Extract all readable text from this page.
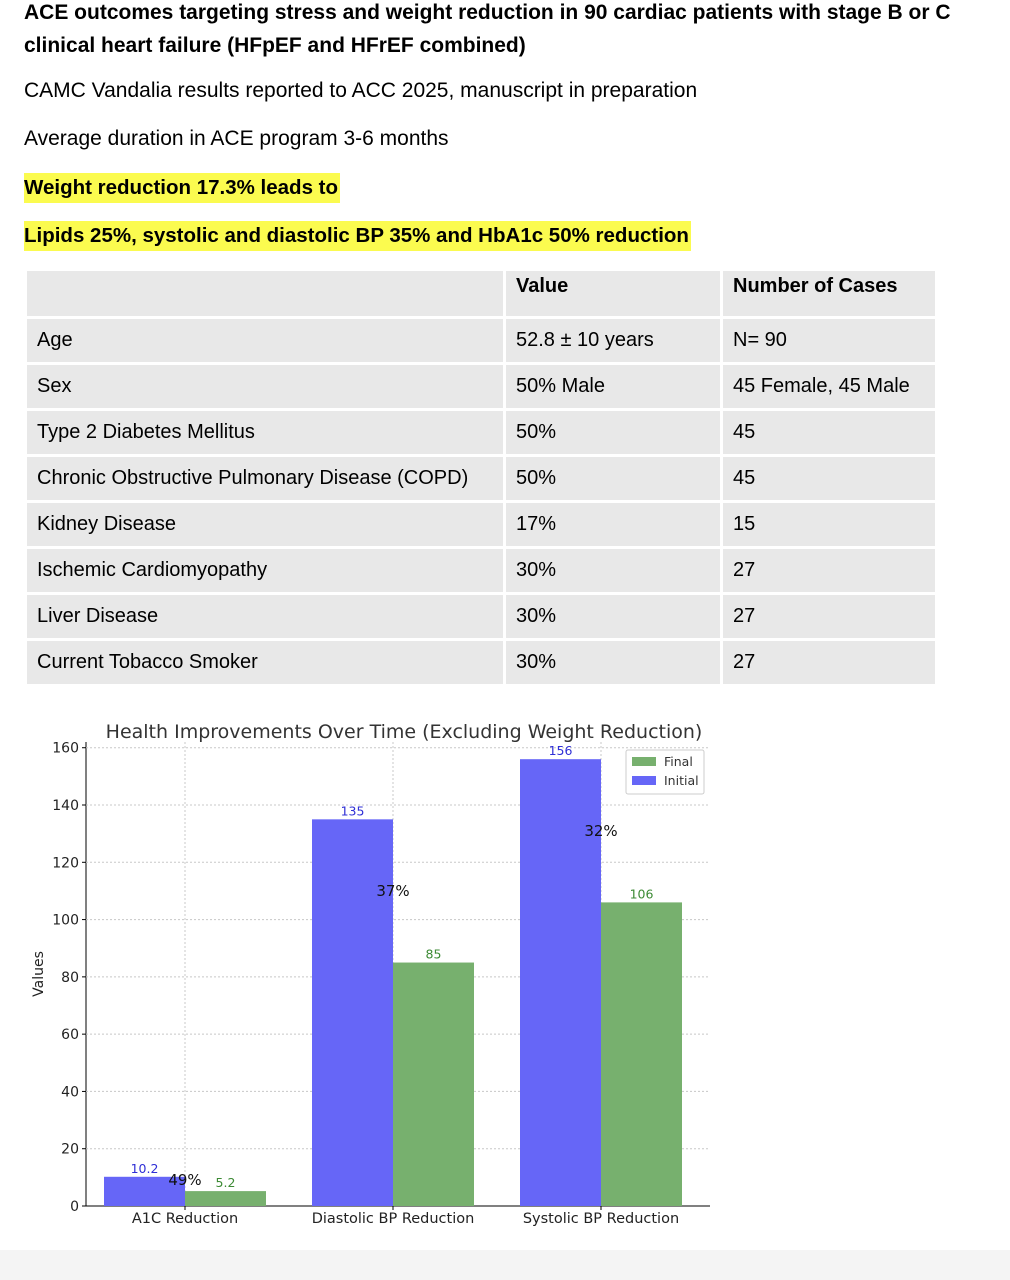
ACE outcomes targeting stress and weight reduction in 90 cardiac patients with stage B or C clinical heart failure (HFpEF and HFrEF combined)
CAMC Vandalia results reported to ACC 2025, manuscript in preparation
Average duration in ACE program 3-6 months
Weight reduction 17.3% leads to
Lipids 25%, systolic and diastolic BP 35% and HbA1c 50% reduction
	Value	Number of Cases
Age	52.8 ± 10 years	N= 90
Sex	50% Male	45 Female, 45 Male
Type 2 Diabetes Mellitus	50%	45
Chronic Obstructive Pulmonary Disease (COPD)	50%	45
Kidney Disease	17%	15
Ischemic Cardiomyopathy	30%	27
Liver Disease	30%	27
Current Tobacco Smoker	30%	27
Health Improvements Over Time (Excluding Weight Reduction)
0
20
40
60
80
100
120
140
160
Values
10.2
5.2
49%
A1C Reduction
135
85
37%
Diastolic BP Reduction
156
106
32%
Systolic BP Reduction
Final
Initial
